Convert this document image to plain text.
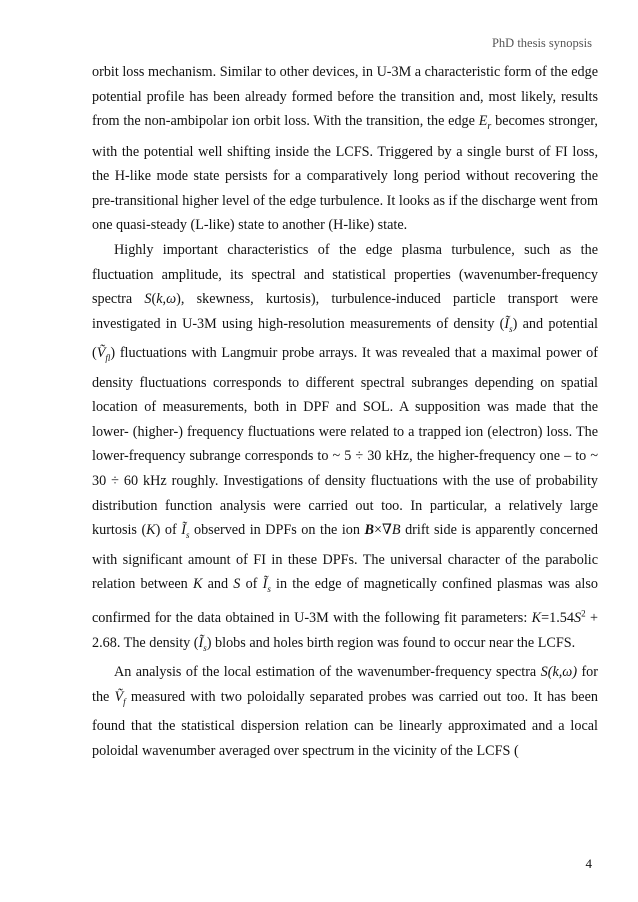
PhD thesis synopsis

orbit loss mechanism. Similar to other devices, in U-3M a characteristic form of the edge potential profile has been already formed before the transition and, most likely, results from the non-ambipolar ion orbit loss. With the transition, the edge $E_r$ becomes stronger, with the potential well shifting inside the LCFS. Triggered by a single burst of FI loss, the H-like mode state persists for a comparatively long period without recovering the pre-transitional higher level of the edge turbulence. It looks as if the discharge went from one quasi-steady (L-like) state to another (H-like) state.

Highly important characteristics of the edge plasma turbulence, such as the fluctuation amplitude, its spectral and statistical properties (wavenumber-frequency spectra S(k,ω), skewness, kurtosis), turbulence-induced particle transport were investigated in U-3M using high-resolution measurements of density $(Ĩ_s)$ and potential (Ṽ$_{fl}$) fluctuations with Langmuir probe arrays. It was revealed that a maximal power of density fluctuations corresponds to different spectral subranges depending on spatial location of measurements, both in DPF and SOL. A supposition was made that the lower- (higher-) frequency fluctuations were related to a trapped ion (electron) loss. The lower-frequency subrange corresponds to ~ 5 ÷ 30 kHz, the higher-frequency one – to ~ 30 ÷ 60 kHz roughly. Investigations of density fluctuations with the use of probability distribution function analysis were carried out too. In particular, a relatively large kurtosis (K) of $Ĩ_s$ observed in DPFs on the ion B×∇B drift side is apparently concerned with significant amount of FI in these DPFs. The universal character of the parabolic relation between K and S of $Ĩ_s$ in the edge of magnetically confined plasmas was also confirmed for the data obtained in U-3M with the following fit parameters: $K=1.54S^2 + 2.68$. The density $(Ĩ_s)$ blobs and holes birth region was found to occur near the LCFS.

An analysis of the local estimation of the wavenumber-frequency spectra S(k,ω) for the Ṽ$_f$ measured with two poloidally separated probes was carried out too. It has been found that the statistical dispersion relation can be linearly approximated and a local poloidal wavenumber averaged over spectrum in the vicinity of the LCFS (

4
